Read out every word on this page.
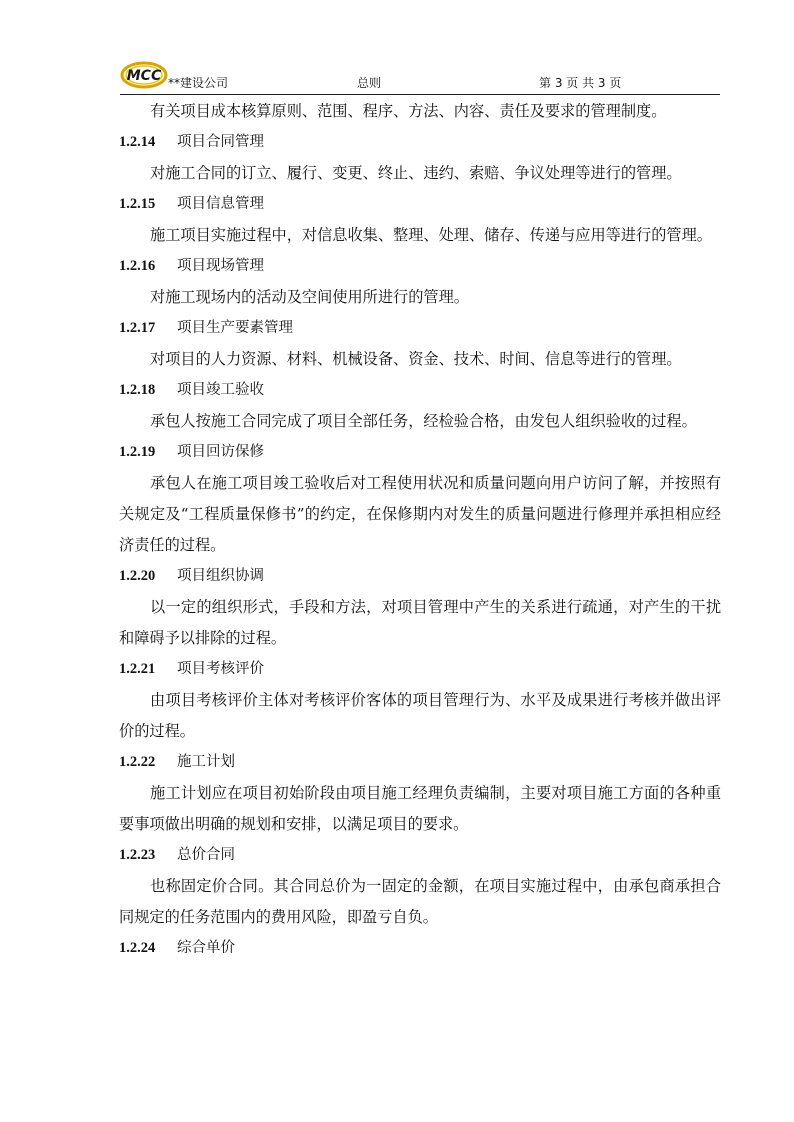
MCC **建设公司	总则	第 3 页 共 3 页

有关项目成本核算原则、范围、程序、方法、内容、责任及要求的管理制度。

1.2.14 项目合同管理

对施工合同的订立、履行、变更、终止、违约、索赔、争议处理等进行的管理。

1.2.15 项目信息管理

施工项目实施过程中，对信息收集、整理、处理、储存、传递与应用等进行的管理。

1.2.16 项目现场管理

对施工现场内的活动及空间使用所进行的管理。

1.2.17 项目生产要素管理

对项目的人力资源、材料、机械设备、资金、技术、时间、信息等进行的管理。

1.2.18 项目竣工验收

承包人按施工合同完成了项目全部任务，经检验合格，由发包人组织验收的过程。

1.2.19 项目回访保修

承包人在施工项目竣工验收后对工程使用状况和质量问题向用户访问了解，并按照有关规定及“工程质量保修书”的约定，在保修期内对发生的质量问题进行修理并承担相应经济责任的过程。

1.2.20 项目组织协调

以一定的组织形式，手段和方法，对项目管理中产生的关系进行疏通，对产生的干扰和障碍予以排除的过程。

1.2.21 项目考核评价

由项目考核评价主体对考核评价客体的项目管理行为、水平及成果进行考核并做出评价的过程。

1.2.22 施工计划

施工计划应在项目初始阶段由项目施工经理负责编制，主要对项目施工方面的各种重要事项做出明确的规划和安排，以满足项目的要求。

1.2.23 总价合同

也称固定价合同。其合同总价为一固定的金额，在项目实施过程中，由承包商承担合同规定的任务范围内的费用风险，即盈亏自负。

1.2.24 综合单价
